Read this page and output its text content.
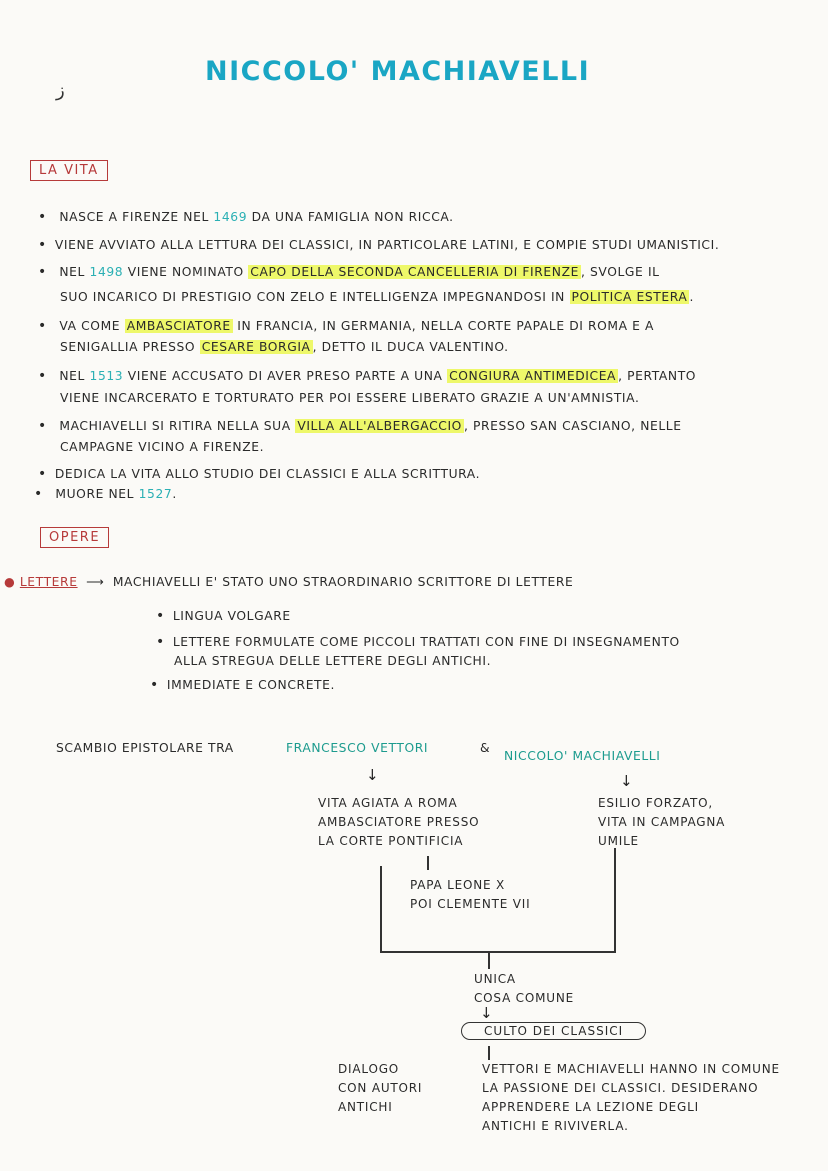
NICCOLO' MACHIAVELLI
ز
LA VITA
• NASCE A FIRENZE NEL 1469 DA UNA FAMIGLIA NON RICCA.
• VIENE AVVIATO ALLA LETTURA DEI CLASSICI, IN PARTICOLARE LATINI, E COMPIE STUDI UMANISTICI.
• NEL 1498 VIENE NOMINATO CAPO DELLA SECONDA CANCELLERIA DI FIRENZE , SVOLGE IL
SUO INCARICO DI PRESTIGIO CON ZELO E INTELLIGENZA IMPEGNANDOSI IN POLITICA ESTERA .
• VA COME AMBASCIATORE IN FRANCIA, IN GERMANIA, NELLA CORTE PAPALE DI ROMA E A
SENIGALLIA PRESSO CESARE BORGIA , DETTO IL DUCA VALENTINO.
• NEL 1513 VIENE ACCUSATO DI AVER PRESO PARTE A UNA CONGIURA ANTIMEDICEA , PERTANTO
VIENE INCARCERATO E TORTURATO PER POI ESSERE LIBERATO GRAZIE A UN'AMNISTIA.
• MACHIAVELLI SI RITIRA NELLA SUA VILLA ALL'ALBERGACCIO , PRESSO SAN CASCIANO, NELLE
CAMPAGNE VICINO A FIRENZE.
• DEDICA LA VITA ALLO STUDIO DEI CLASSICI E ALLA SCRITTURA.
• MUORE NEL 1527.
OPERE
● LETTERE ⟶ MACHIAVELLI E' STATO UNO STRAORDINARIO SCRITTORE DI LETTERE
• LINGUA VOLGARE
• LETTERE FORMULATE COME PICCOLI TRATTATI CON FINE DI INSEGNAMENTO
ALLA STREGUA DELLE LETTERE DEGLI ANTICHI.
• IMMEDIATE E CONCRETE.
SCAMBIO EPISTOLARE TRA	FRANCESCO VETTORI	&
NICCOLO' MACHIAVELLI
↓	↓
VITA AGIATA A ROMA
AMBASCIATORE PRESSO
LA CORTE PONTIFICIA
ESILIO FORZATO,
VITA IN CAMPAGNA
UMILE
PAPA LEONE X
POI CLEMENTE VII
UNICA
COSA COMUNE
↓
CULTO DEI CLASSICI
DIALOGO
CON AUTORI
ANTICHI
VETTORI E MACHIAVELLI HANNO IN COMUNE
LA PASSIONE DEI CLASSICI. DESIDERANO
APPRENDERE LA LEZIONE DEGLI
ANTICHI E RIVIVERLA.
